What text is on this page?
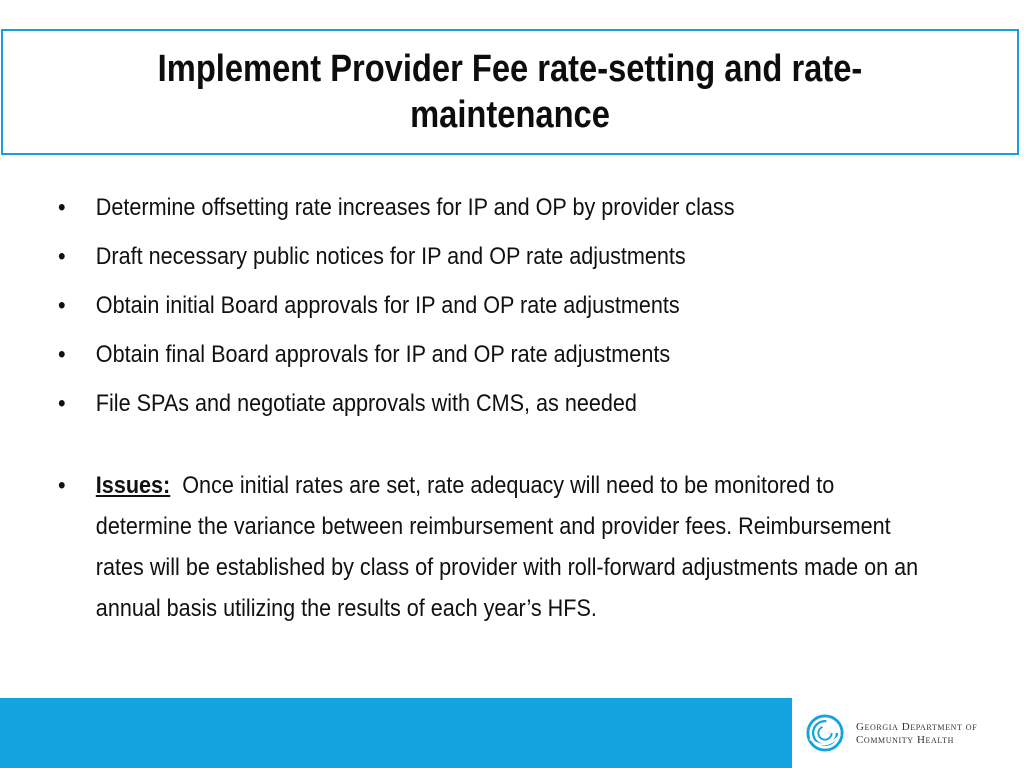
Implement Provider Fee rate-setting and rate-
maintenance
• Determine offsetting rate increases for IP and OP by provider class
• Draft necessary public notices for IP and OP rate adjustments
• Obtain initial Board approvals for IP and OP rate adjustments
• Obtain final Board approvals for IP and OP rate adjustments
• File SPAs and negotiate approvals with CMS, as needed
• Issues: Once initial rates are set, rate adequacy will need to be monitored to determine the variance between reimbursement and provider fees. Reimbursement rates will be established by class of provider with roll-forward adjustments made on an annual basis utilizing the results of each year’s HFS.
Georgia Department of
Community Health
